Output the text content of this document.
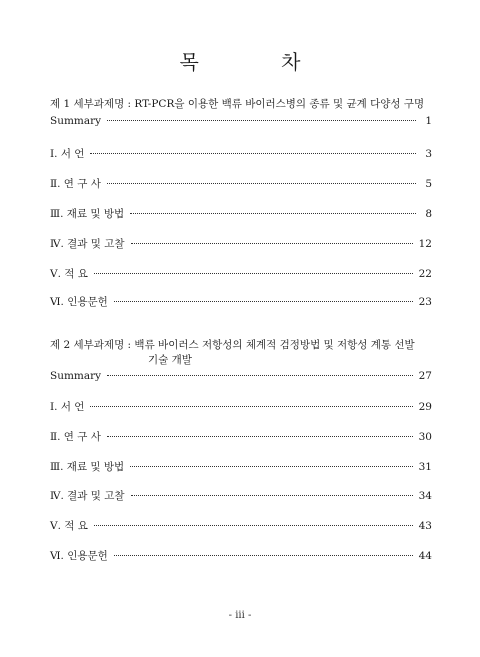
목 차
제 1 세부과제명 : RT-PCR을 이용한 백류 바이러스병의 종류 및 균계 다양성 구명
Summary	1
Ⅰ. 서 언	3
Ⅱ. 연 구 사	5
Ⅲ. 재료 및 방법	8
Ⅳ. 결과 및 고찰	12
Ⅴ. 적 요	22
Ⅵ. 인용문헌	23
제 2 세부과제명 : 백류 바이러스 저항성의 체계적 검정방법 및 저항성 계통 선발
기술 개발
Summary	27
Ⅰ. 서 언	29
Ⅱ. 연 구 사	30
Ⅲ. 재료 및 방법	31
Ⅳ. 결과 및 고찰	34
Ⅴ. 적 요	43
Ⅵ. 인용문헌	44
- iii -
